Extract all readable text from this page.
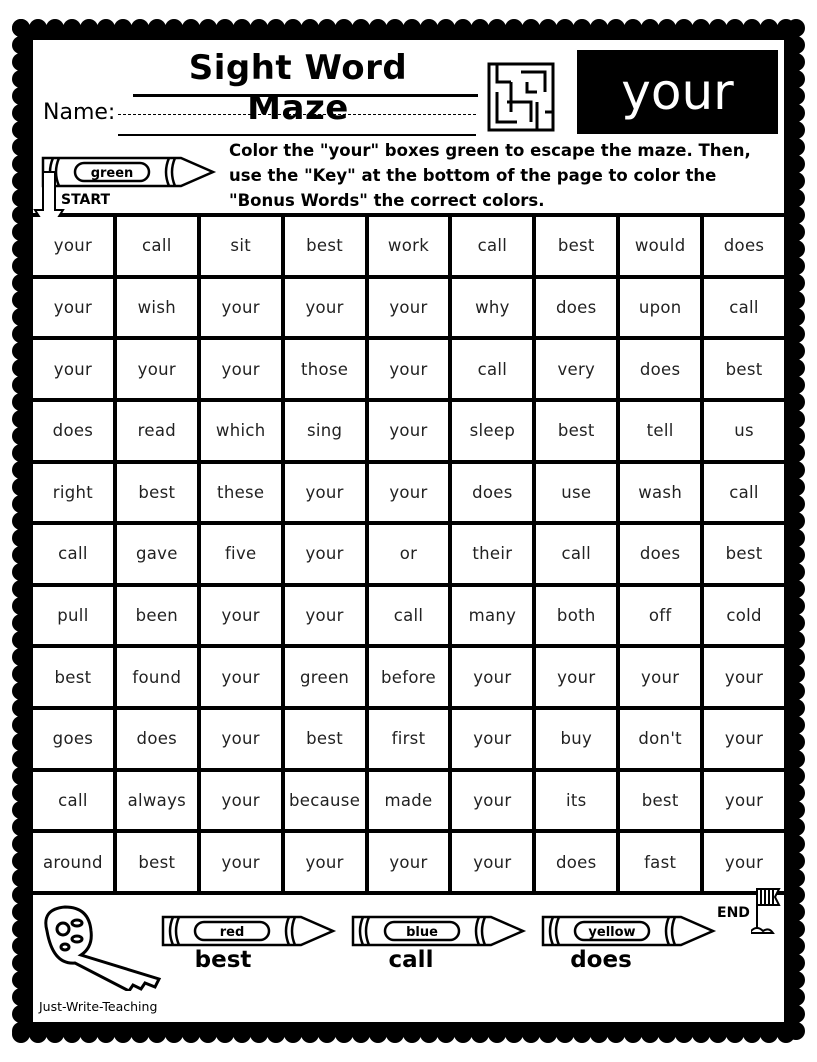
Sight Word Maze
Name:	your
Color the "your" boxes green to escape the maze. Then, use the "Key" at the bottom of the page to color the "Bonus Words" the correct colors.
green
START
your	call	sit	best	work	call	best	would	does
your	wish	your	your	your	why	does	upon	call
your	your	your	those	your	call	very	does	best
does	read	which	sing	your	sleep	best	tell	us
right	best	these	your	your	does	use	wash	call
call	gave	five	your	or	their	call	does	best
pull	been	your	your	call	many	both	off	cold
best	found	your	green	before	your	your	your	your
goes	does	your	best	first	your	buy	don't	your
call	always	your	because	made	your	its	best	your
around	best	your	your	your	your	does	fast	your
red
best
blue
call
yellow
does
END
Just-Write-Teaching
